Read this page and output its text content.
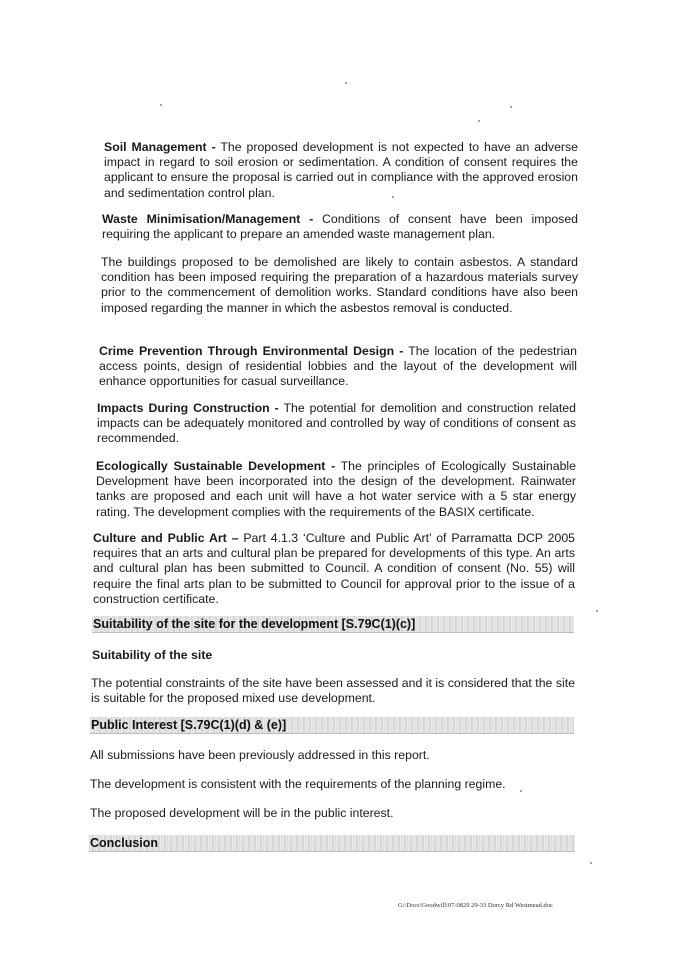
Soil Management - The proposed development is not expected to have an adverse impact in regard to soil erosion or sedimentation. A condition of consent requires the applicant to ensure the proposal is carried out in compliance with the approved erosion and sedimentation control plan.

Waste Minimisation/Management - Conditions of consent have been imposed requiring the applicant to prepare an amended waste management plan.

The buildings proposed to be demolished are likely to contain asbestos. A standard condition has been imposed requiring the preparation of a hazardous materials survey prior to the commencement of demolition works. Standard conditions have also been imposed regarding the manner in which the asbestos removal is conducted.

Crime Prevention Through Environmental Design - The location of the pedestrian access points, design of residential lobbies and the layout of the development will enhance opportunities for casual surveillance.

Impacts During Construction - The potential for demolition and construction related impacts can be adequately monitored and controlled by way of conditions of consent as recommended.

Ecologically Sustainable Development - The principles of Ecologically Sustainable Development have been incorporated into the design of the development. Rainwater tanks are proposed and each unit will have a hot water service with a 5 star energy rating. The development complies with the requirements of the BASIX certificate.

Culture and Public Art – Part 4.1.3 ‘Culture and Public Art’ of Parramatta DCP 2005 requires that an arts and cultural plan be prepared for developments of this type. An arts and cultural plan has been submitted to Council. A condition of consent (No. 55) will require the final arts plan to be submitted to Council for approval prior to the issue of a construction certificate.

Suitability of the site for the development [S.79C(1)(c)]
Suitability of the site

The potential constraints of the site have been assessed and it is considered that the site is suitable for the proposed mixed use development.

Public Interest [S.79C(1)(d) & (e)]

All submissions have been previously addressed in this report.

The development is consistent with the requirements of the planning regime.

The proposed development will be in the public interest.

Conclusion
G:\Docs\Goodwill\07-0829 29-33 Dorcy Rd Westmead.doc
